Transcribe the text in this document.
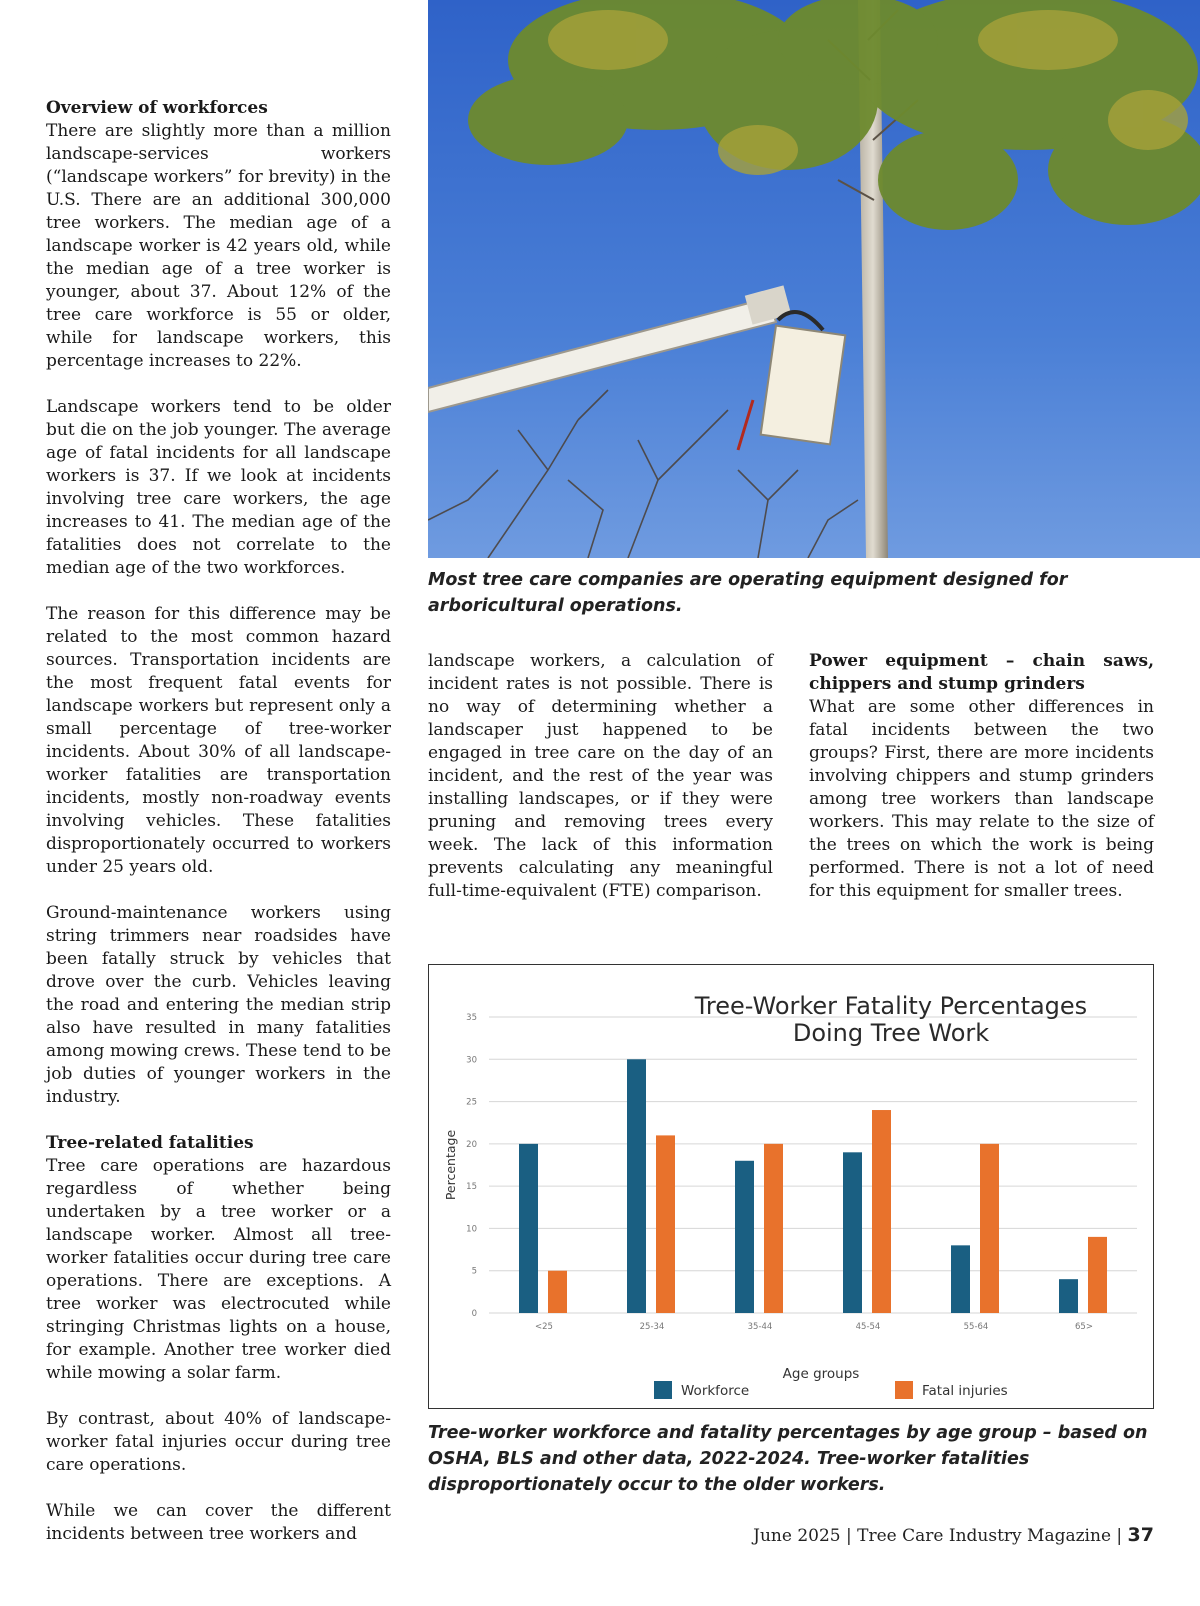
Overview of workforces

There are slightly more than a million landscape-services workers (“landscape workers” for brevity) in the U.S. There are an additional 300,000 tree workers. The median age of a landscape worker is 42 years old, while the median age of a tree worker is younger, about 37. About 12% of the tree care workforce is 55 or older, while for landscape workers, this percentage increases to 22%.

Landscape workers tend to be older but die on the job younger. The average age of fatal incidents for all landscape workers is 37. If we look at incidents involving tree care workers, the age increases to 41. The median age of the fatalities does not correlate to the median age of the two workforces.

The reason for this difference may be related to the most common hazard sources. Transportation incidents are the most frequent fatal events for landscape workers but represent only a small percentage of tree-worker incidents. About 30% of all landscape-worker fatalities are transportation incidents, mostly non-roadway events involving vehicles. These fatalities disproportionately occurred to workers under 25 years old.

Ground-maintenance workers using string trimmers near roadsides have been fatally struck by vehicles that drove over the curb. Vehicles leaving the road and entering the median strip also have resulted in many fatalities among mowing crews. These tend to be job duties of younger workers in the industry.

Tree-related fatalities

Tree care operations are hazardous regardless of whether being undertaken by a tree worker or a landscape worker. Almost all tree-worker fatalities occur during tree care operations. There are exceptions. A tree worker was electrocuted while stringing Christmas lights on a house, for example. Another tree worker died while mowing a solar farm.

By contrast, about 40% of landscape-worker fatal injuries occur during tree care operations.

While we can cover the different incidents between tree workers and

Most tree care companies are operating equipment designed for arboricultural operations.

landscape workers, a calculation of incident rates is not possible. There is no way of determining whether a landscaper just happened to be engaged in tree care on the day of an incident, and the rest of the year was installing landscapes, or if they were pruning and removing trees every week. The lack of this information prevents calculating any meaningful full-time-equivalent (FTE) comparison.

Power equipment – chain saws, chippers and stump grinders

What are some other differences in fatal incidents between the two groups? First, there are more incidents involving chippers and stump grinders among tree workers than landscape workers. This may relate to the size of the trees on which the work is being performed. There is not a lot of need for this equipment for smaller trees.

0
5
10
15
20
25
30
35
<25	25-34	35-44	45-54	55-64	65>
Tree-Worker Fatality Percentages
Doing Tree Work
Percentage
Age groups
Workforce	Fatal injuries
Tree-worker workforce and fatality percentages by age group – based on OSHA, BLS and other data, 2022-2024. Tree-worker fatalities disproportionately occur to the older workers.
June 2025 | Tree Care Industry Magazine | 37
